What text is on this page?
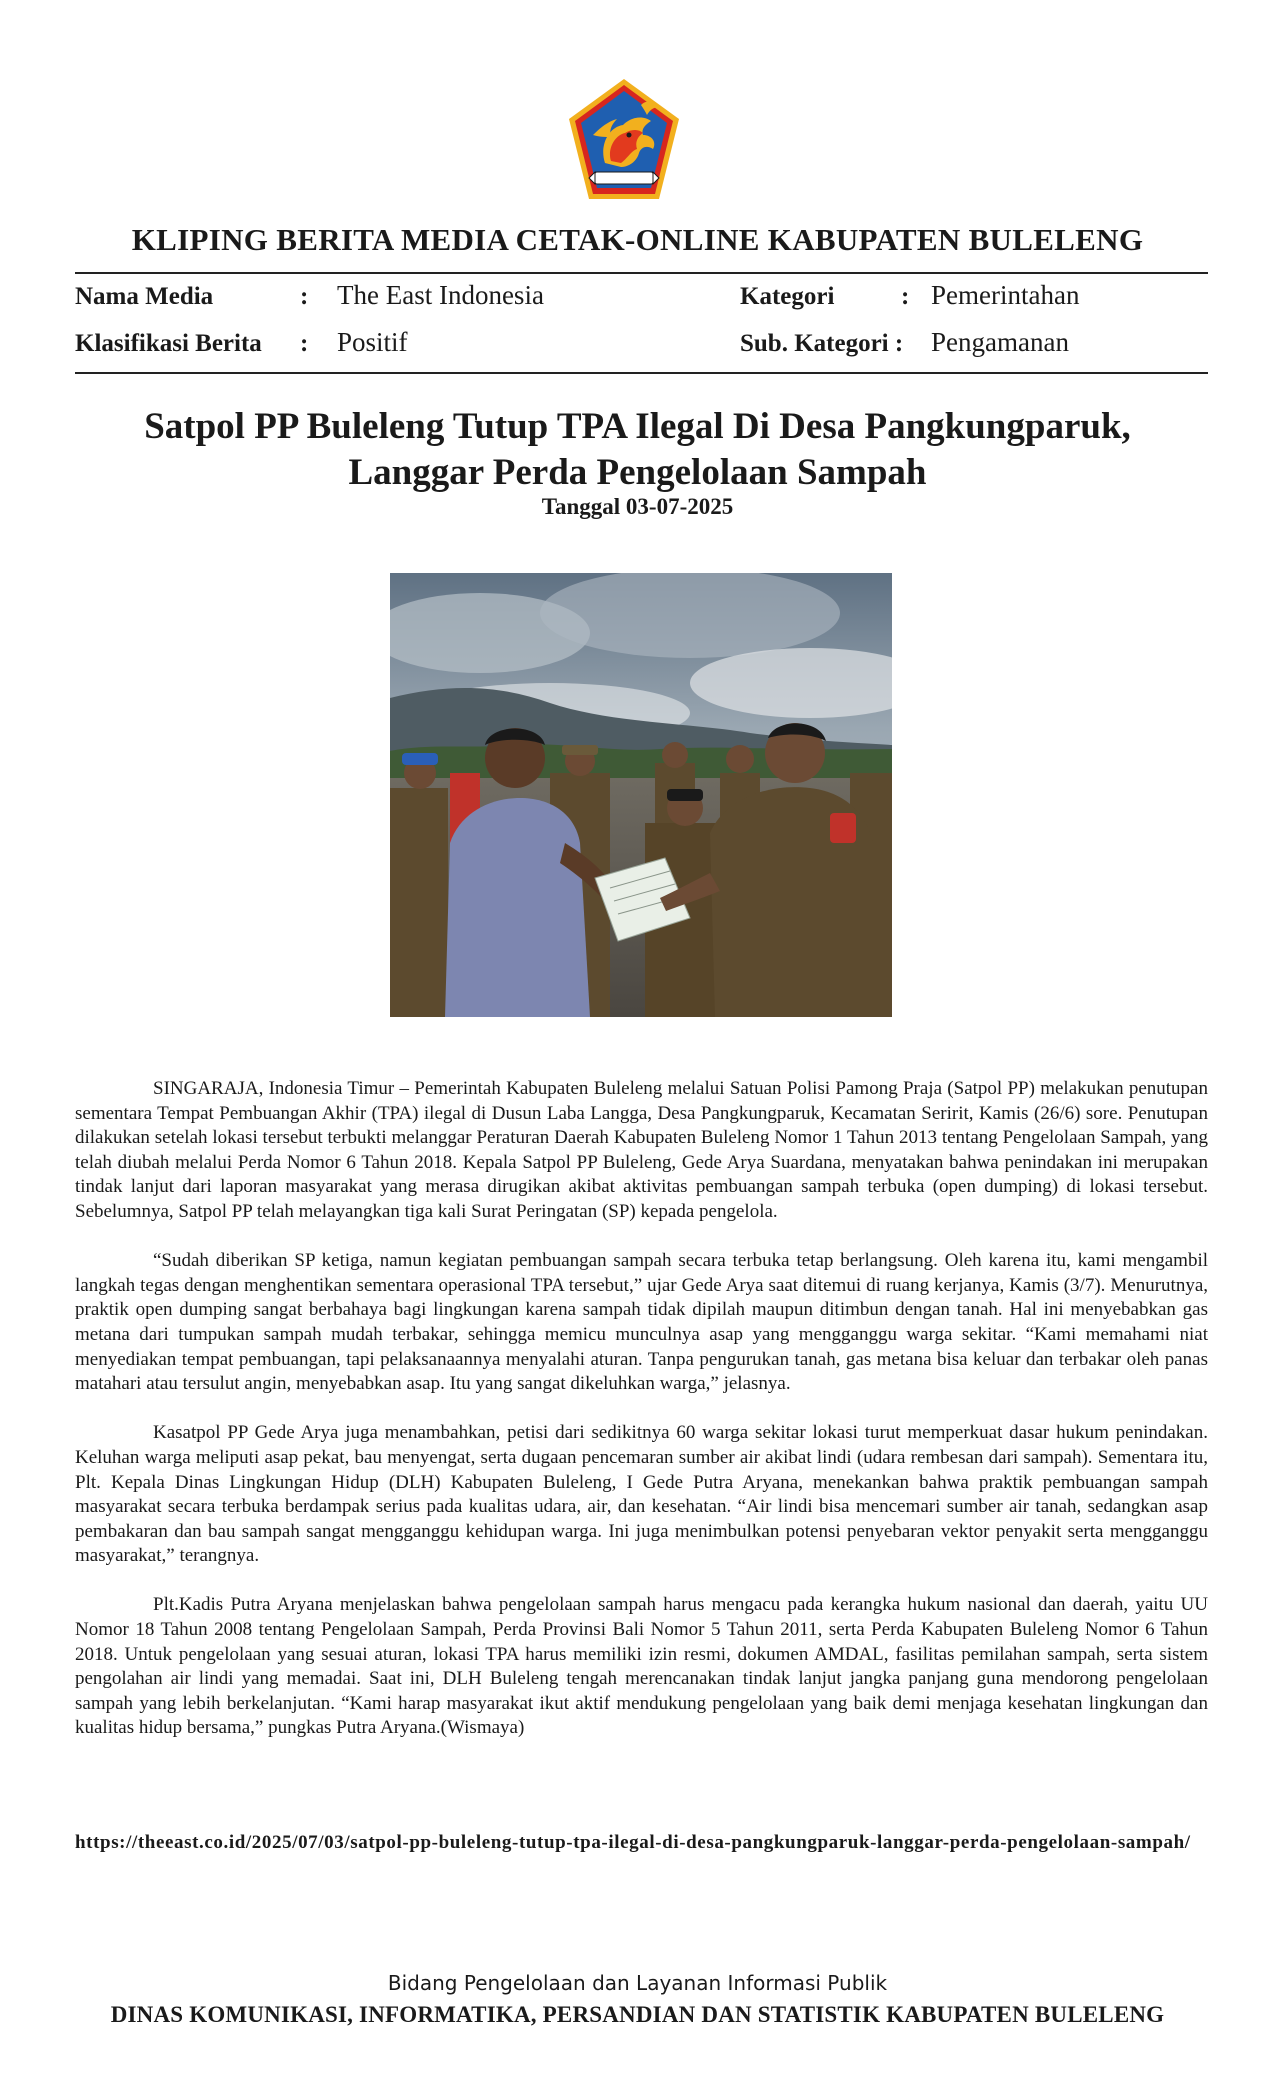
KLIPING BERITA MEDIA CETAK-ONLINE KABUPATEN BULELENG
Nama Media	: The East Indonesia	Kategori	: Pemerintahan
Klasifikasi Berita : Positif	Sub. Kategori : Pengamanan
Satpol PP Buleleng Tutup TPA Ilegal Di Desa Pangkungparuk,
Langgar Perda Pengelolaan Sampah
Tanggal 03-07-2025

SINGARAJA, Indonesia Timur – Pemerintah Kabupaten Buleleng melalui Satuan Polisi Pamong Praja (Satpol PP) melakukan penutupan sementara Tempat Pembuangan Akhir (TPA) ilegal di Dusun Laba Langga, Desa Pangkungparuk, Kecamatan Seririt, Kamis (26/6) sore. Penutupan dilakukan setelah lokasi tersebut terbukti melanggar Peraturan Daerah Kabupaten Buleleng Nomor 1 Tahun 2013 tentang Pengelolaan Sampah, yang telah diubah melalui Perda Nomor 6 Tahun 2018. Kepala Satpol PP Buleleng, Gede Arya Suardana, menyatakan bahwa penindakan ini merupakan tindak lanjut dari laporan masyarakat yang merasa dirugikan akibat aktivitas pembuangan sampah terbuka (open dumping) di lokasi tersebut. Sebelumnya, Satpol PP telah melayangkan tiga kali Surat Peringatan (SP) kepada pengelola.

“Sudah diberikan SP ketiga, namun kegiatan pembuangan sampah secara terbuka tetap berlangsung. Oleh karena itu, kami mengambil langkah tegas dengan menghentikan sementara operasional TPA tersebut,” ujar Gede Arya saat ditemui di ruang kerjanya, Kamis (3/7). Menurutnya, praktik open dumping sangat berbahaya bagi lingkungan karena sampah tidak dipilah maupun ditimbun dengan tanah. Hal ini menyebabkan gas metana dari tumpukan sampah mudah terbakar, sehingga memicu munculnya asap yang mengganggu warga sekitar. “Kami memahami niat menyediakan tempat pembuangan, tapi pelaksanaannya menyalahi aturan. Tanpa pengurukan tanah, gas metana bisa keluar dan terbakar oleh panas matahari atau tersulut angin, menyebabkan asap. Itu yang sangat dikeluhkan warga,” jelasnya.

Kasatpol PP Gede Arya juga menambahkan, petisi dari sedikitnya 60 warga sekitar lokasi turut memperkuat dasar hukum penindakan. Keluhan warga meliputi asap pekat, bau menyengat, serta dugaan pencemaran sumber air akibat lindi (udara rembesan dari sampah). Sementara itu, Plt. Kepala Dinas Lingkungan Hidup (DLH) Kabupaten Buleleng, I Gede Putra Aryana, menekankan bahwa praktik pembuangan sampah masyarakat secara terbuka berdampak serius pada kualitas udara, air, dan kesehatan. “Air lindi bisa mencemari sumber air tanah, sedangkan asap pembakaran dan bau sampah sangat mengganggu kehidupan warga. Ini juga menimbulkan potensi penyebaran vektor penyakit serta mengganggu masyarakat,” terangnya.

Plt.Kadis Putra Aryana menjelaskan bahwa pengelolaan sampah harus mengacu pada kerangka hukum nasional dan daerah, yaitu UU Nomor 18 Tahun 2008 tentang Pengelolaan Sampah, Perda Provinsi Bali Nomor 5 Tahun 2011, serta Perda Kabupaten Buleleng Nomor 6 Tahun 2018. Untuk pengelolaan yang sesuai aturan, lokasi TPA harus memiliki izin resmi, dokumen AMDAL, fasilitas pemilahan sampah, serta sistem pengolahan air lindi yang memadai. Saat ini, DLH Buleleng tengah merencanakan tindak lanjut jangka panjang guna mendorong pengelolaan sampah yang lebih berkelanjutan. “Kami harap masyarakat ikut aktif mendukung pengelolaan yang baik demi menjaga kesehatan lingkungan dan kualitas hidup bersama,” pungkas Putra Aryana.(Wismaya)

https://theeast.co.id/2025/07/03/satpol-pp-buleleng-tutup-tpa-ilegal-di-desa-pangkungparuk-langgar-perda-pengelolaan-sampah/
Bidang Pengelolaan dan Layanan Informasi Publik
DINAS KOMUNIKASI, INFORMATIKA, PERSANDIAN DAN STATISTIK KABUPATEN BULELENG
